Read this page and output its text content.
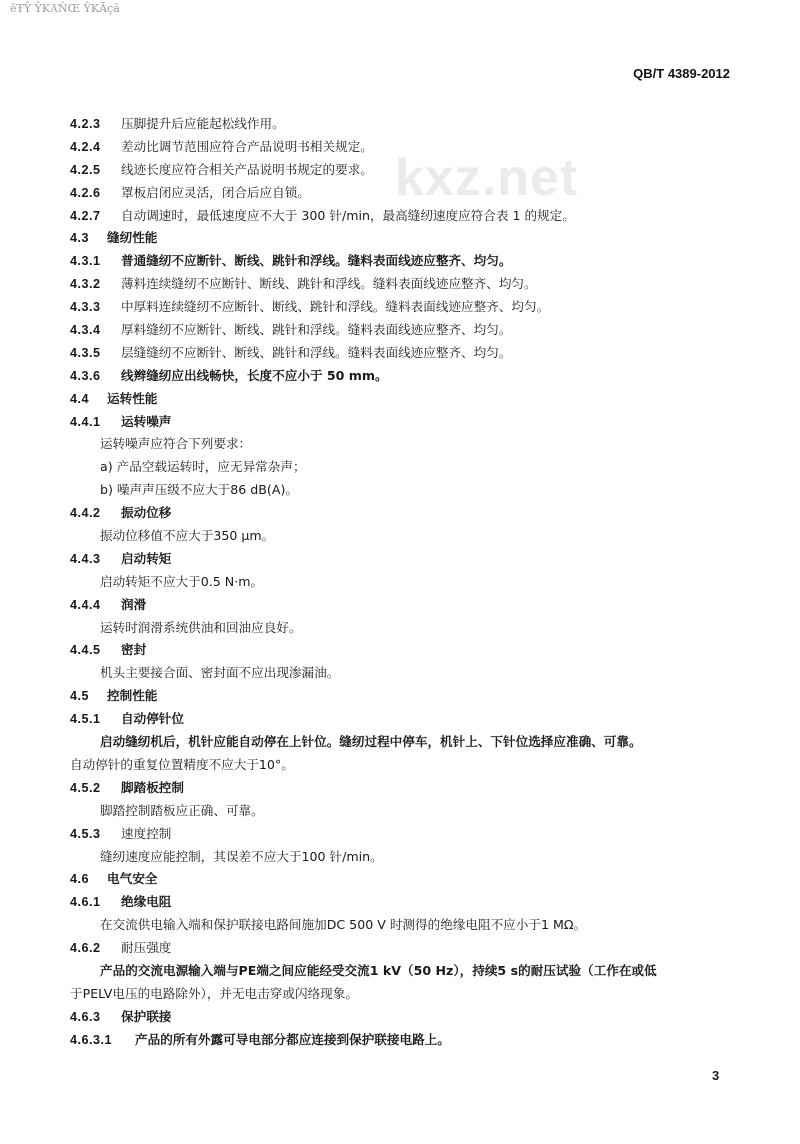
ēŦŶ ŶKĀ͑ŇŒ ŶKĀçā
QB/T 4389-2012
kxz.net
4.2.3 压脚提升后应能起松线作用。
4.2.4 差动比调节范围应符合产品说明书相关规定。
4.2.5 线迹长度应符合相关产品说明书规定的要求。
4.2.6 罩板启闭应灵活，闭合后应自锁。
4.2.7 自动调速时，最低速度应不大于 300 针/min，最高缝纫速度应符合表 1 的规定。
4.3 缝纫性能
4.3.1 普通缝纫不应断针、断线、跳针和浮线。缝料表面线迹应整齐、均匀。
4.3.2 薄料连续缝纫不应断针、断线、跳针和浮线。缝料表面线迹应整齐、均匀。
4.3.3 中厚料连续缝纫不应断针、断线、跳针和浮线。缝料表面线迹应整齐、均匀。
4.3.4 厚料缝纫不应断针、断线、跳针和浮线。缝料表面线迹应整齐、均匀。
4.3.5 层缝缝纫不应断针、断线、跳针和浮线。缝料表面线迹应整齐、均匀。
4.3.6 线辫缝纫应出线畅快，长度不应小于 50 mm。
4.4 运转性能
4.4.1 运转噪声
运转噪声应符合下列要求：
a) 产品空载运转时，应无异常杂声；
b) 噪声声压级不应大于86 dB(A)。
4.4.2 振动位移
振动位移值不应大于350 μm。
4.4.3 启动转矩
启动转矩不应大于0.5 N·m。
4.4.4 润滑
运转时润滑系统供油和回油应良好。
4.4.5 密封
机头主要接合面、密封面不应出现渗漏油。
4.5 控制性能
4.5.1 自动停针位
启动缝纫机后，机针应能自动停在上针位。缝纫过程中停车，机针上、下针位选择应准确、可靠。
自动停针的重复位置精度不应大于10°。
4.5.2 脚踏板控制
脚踏控制踏板应正确、可靠。
4.5.3 速度控制
缝纫速度应能控制，其误差不应大于100 针/min。
4.6 电气安全
4.6.1 绝缘电阻
在交流供电输入端和保护联接电路间施加DC 500 V 时测得的绝缘电阻不应小于1 MΩ。
4.6.2 耐压强度
产品的交流电源输入端与PE端之间应能经受交流1 kV（50 Hz），持续5 s的耐压试验（工作在或低
于PELV电压的电路除外），并无电击穿或闪络现象。
4.6.3 保护联接
4.6.3.1 产品的所有外露可导电部分都应连接到保护联接电路上。
3
